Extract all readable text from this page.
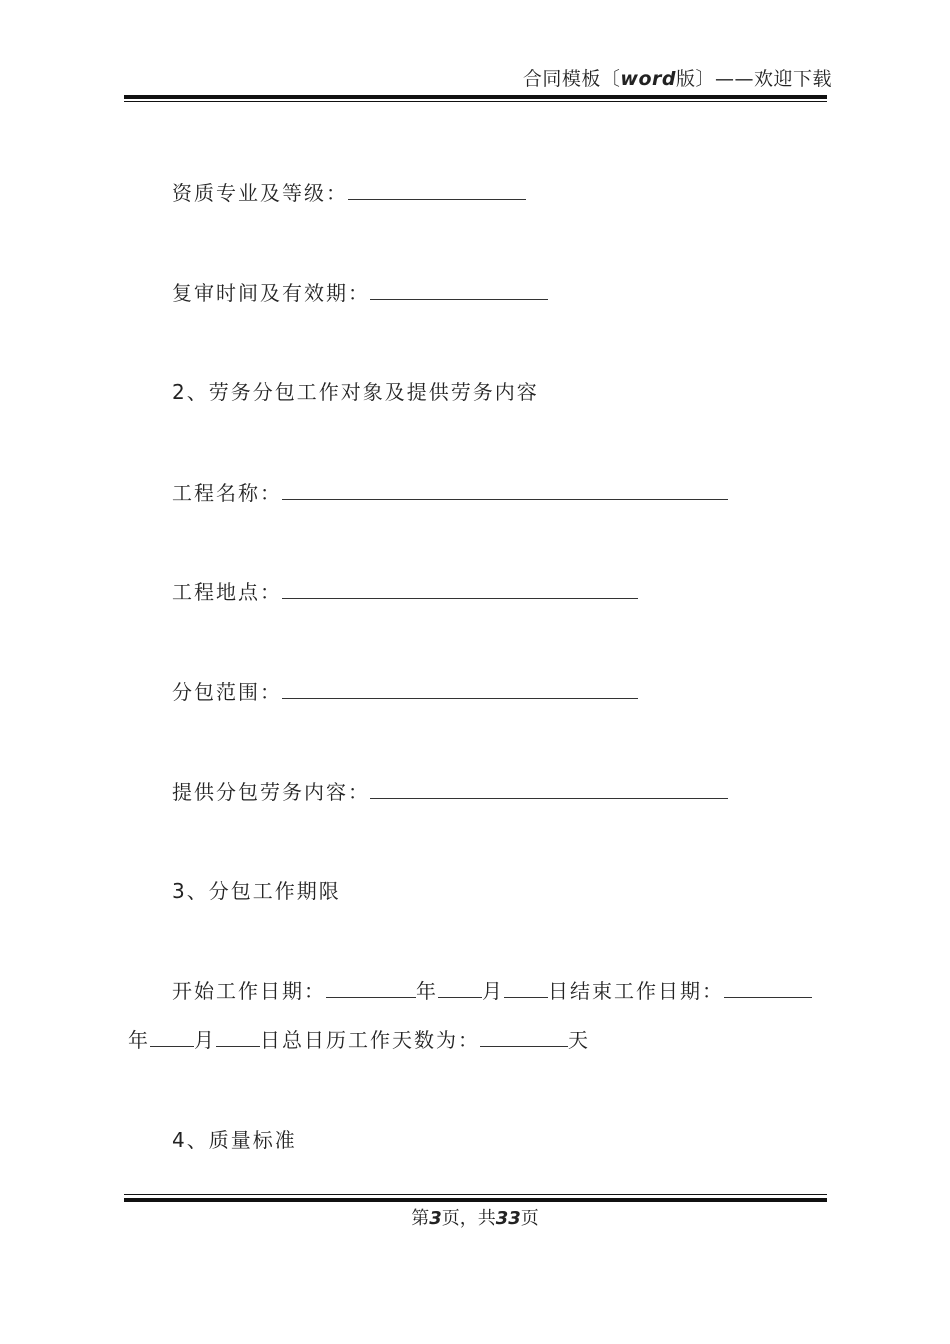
合同模板〔word版〕——欢迎下载
资质专业及等级：
复审时间及有效期：
2、劳务分包工作对象及提供劳务内容
工程名称：
工程地点：
分包范围：
提供分包劳务内容：
3、分包工作期限
开始工作日期：	年 月 日结束工作日期：
年 月 日总日历工作天数为：	天
4、质量标准
第3页，共33页
